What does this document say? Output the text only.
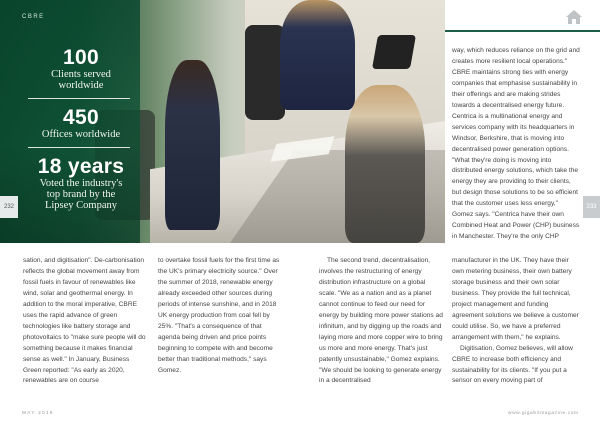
CBRE
100
Clients served
worldwide
450
Offices worldwide
18 years
Voted the industry's
top brand by the
Lipsey Company
232	233

way, which reduces reliance on the grid and creates more resilient local operations." CBRE maintains strong ties with energy companies that emphasise sustainability in their offerings and are making strides towards a decentralised energy future. Centrica is a multinational energy and services company with its headquarters in Windsor, Berkshire, that is moving into decentralised power generation options. "What they're doing is moving into distributed energy solutions, which take the energy they are providing to their clients, but design those solutions to be so efficient that the customer uses less energy," Gomez says. "Centrica have their own Combined Heat and Power (CHP) business in Manchester. They're the only CHP

sation, and digitisation". De-carbonisation reflects the global movement away from fossil fuels in favour of renewables like wind, solar and geothermal energy. In addition to the moral imperative, CBRE uses the rapid advance of green technologies like battery storage and photovoltaics to "make sure people will do something because it makes financial sense as well." In January, Business Green reported: "As early as 2020, renewables are on course

to overtake fossil fuels for the first time as the UK's primary electricity source." Over the summer of 2018, renewable energy already exceeded other sources during periods of intense sunshine, and in 2018 UK energy production from coal fell by 25%. "That's a consequence of that agenda being driven and price points beginning to compete with and become better than traditional methods," says Gomez.

The second trend, decentralisation, involves the restructuring of energy distribution infrastructure on a global scale. "We as a nation and as a planet cannot continue to feed our need for energy by building more power stations ad infinitum, and by digging up the roads and laying more and more copper wire to bring us more and more energy. That's just patently unsustainable," Gomez explains. "We should be looking to generate energy in a decentralised

manufacturer in the UK. They have their own metering business, their own battery storage business and their own solar business. They provide the full technical, project management and funding agreement solutions we believe a customer could utilise. So, we have a preferred arrangement with them," he explains.

Digitisation, Gomez believes, will allow CBRE to increase both efficiency and sustainability for its clients. "If you put a sensor on every moving part of

MAY 2019	www.gigabitmagazine.com
